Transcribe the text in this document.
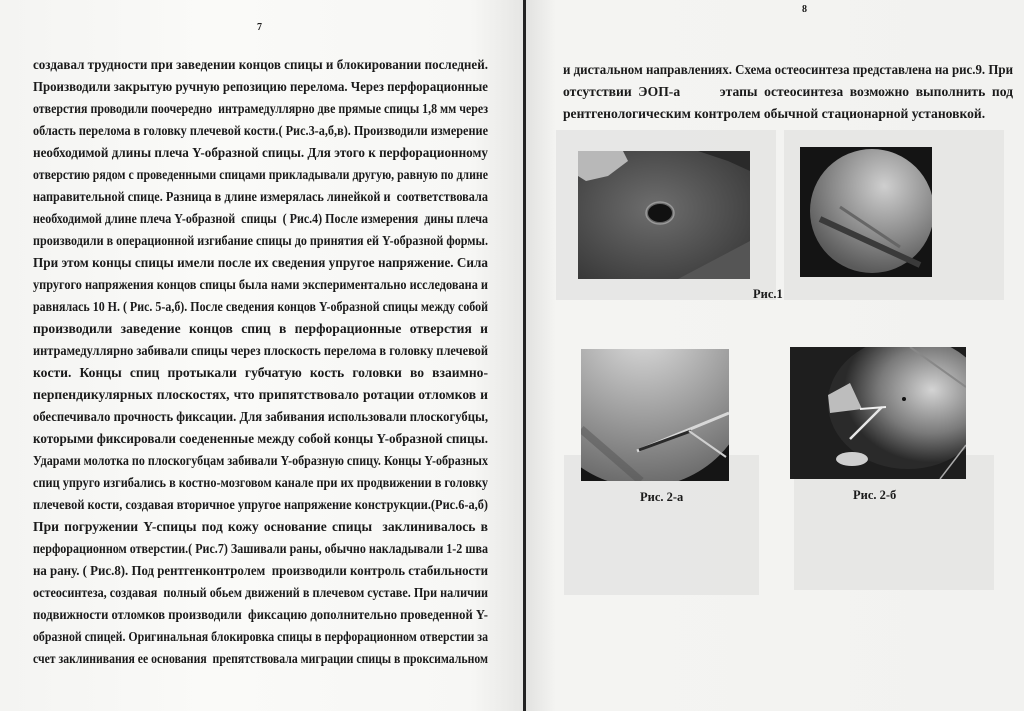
7
создавал трудности при заведении концов спицы и блокировании последней.
Производили закрытую ручную репозицию перелома. Через перфорационные
отверстия проводили поочередно  интрамедуллярно две прямые спицы 1,8 мм через
область перелома в головку плечевой кости.( Рис.3-а,б,в). Производили измерение
необходимой длины плеча Y-образной спицы. Для этого к перфорационному
отверстию рядом с проведенными спицами прикладывали другую, равную по длине
направительной спице. Разница в длине измерялась линейкой и  соответствовала
необходимой длине плеча Y-образной  спицы  ( Рис.4) После измерения  дины плеча
производили в операционной изгибание спицы до принятия ей Y-образной формы.
При этом концы спицы имели после их сведения упругое напряжение. Сила
упругого напряжения концов спицы была нами экспериментально исследована и
равнялась 10 Н. ( Рис. 5-а,б). После сведения концов Y-образной спицы между собой
производили заведение концов спиц в перфорационные отверстия и
интрамедуллярно забивали спицы через плоскость перелома в головку плечевой
кости. Концы спиц протыкали губчатую кость головки во взаимно-
перпендикулярных плоскостях, что припятствовало ротации отломков и
обеспечивало прочность фиксации. Для забивания использовали плоскогубцы,
которыми фиксировали соедененные между собой концы Y-образной спицы.
Ударами молотка по плоскогубцам забивали Y-образную спицу. Концы Y-образных
спиц упруго изгибались в костно-мозговом канале при их продвижении в головку
плечевой кости, создавая вторичное упругое напряжение конструкции.(Рис.6-а,б)
При погружении Y-спицы под кожу основание спицы  заклинивалось в
перфорационном отверстии.( Рис.7) Зашивали раны, обычно накладывали 1-2 шва
на рану. ( Рис.8). Под рентгенконтролем  производили контроль стабильности
остеосинтеза, создавая  полный обьем движений в плечевом суставе. При наличии
подвижности отломков производили  фиксацию дополнительно проведенной Y-
образной спицей. Оригинальная блокировка спицы в перфорационном отверстии за
счет заклинивания ее основания  препятствовала миграции спицы в проксимальном
8
и дистальном направлениях. Схема остеосинтеза представлена на рис.9. При
отсутствии ЭОП-а      этапы остеосинтеза возможно выполнить под
рентгенологическим контролем обычной стационарной установкой.
Рис.1
Рис. 2-а	Рис. 2-б
